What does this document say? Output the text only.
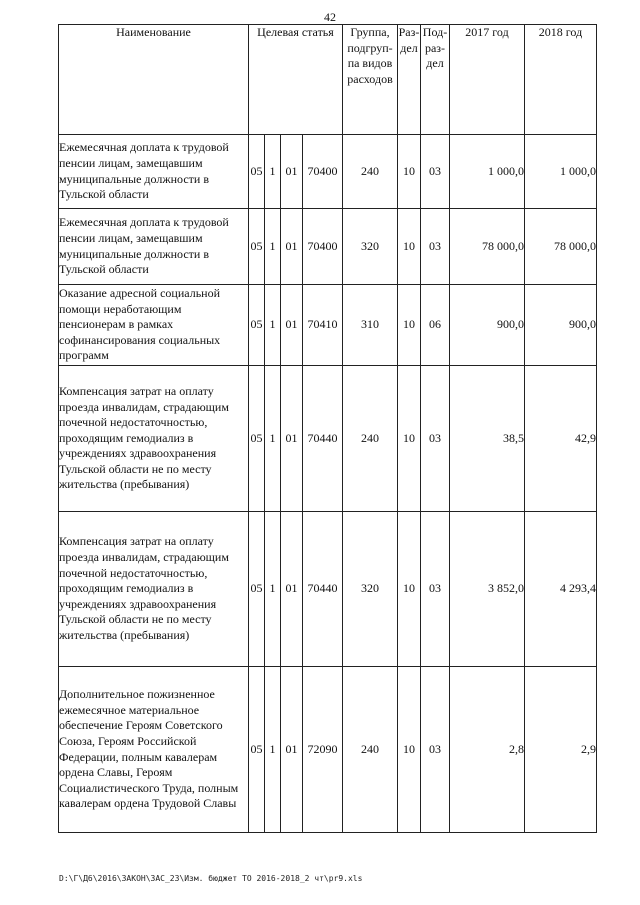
42
Наименование	Целевая статья				Группа, подгруп-па видов расходов	Раз-дел	Под-раз-дел	2017 год	2018 год
Ежемесячная доплата к трудовой пенсии лицам, замещавшим муниципальные должности в Тульской области	05	1	01	70400	240	10	03	1 000,0	1 000,0
Ежемесячная доплата к трудовой пенсии лицам, замещавшим муниципальные должности в Тульской области	05	1	01	70400	320	10	03	78 000,0	78 000,0
Оказание адресной социальной помощи неработающим пенсионерам в рамках софинансирования социальных программ	05	1	01	70410	310	10	06	900,0	900,0
Компенсация затрат на оплату проезда инвалидам, страдающим почечной недостаточностью, проходящим гемодиализ в учреждениях здравоохранения Тульской области не по месту жительства (пребывания)	05	1	01	70440	240	10	03	38,5	42,9
Компенсация затрат на оплату проезда инвалидам, страдающим почечной недостаточностью, проходящим гемодиализ в учреждениях здравоохранения Тульской области не по месту жительства (пребывания)	05	1	01	70440	320	10	03	3 852,0	4 293,4
Дополнительное пожизненное ежемесячное материальное обеспечение Героям Советского Союза, Героям Российской Федерации, полным кавалерам ордена Славы, Героям Социалистического Труда, полным кавалерам ордена Трудовой Славы	05	1	01	72090	240	10	03	2,8	2,9
D:\Г\Д6\2016\ЗАКОН\ЗАС_23\Изм. бюджет ТО 2016-2018_2 чт\pr9.xls
